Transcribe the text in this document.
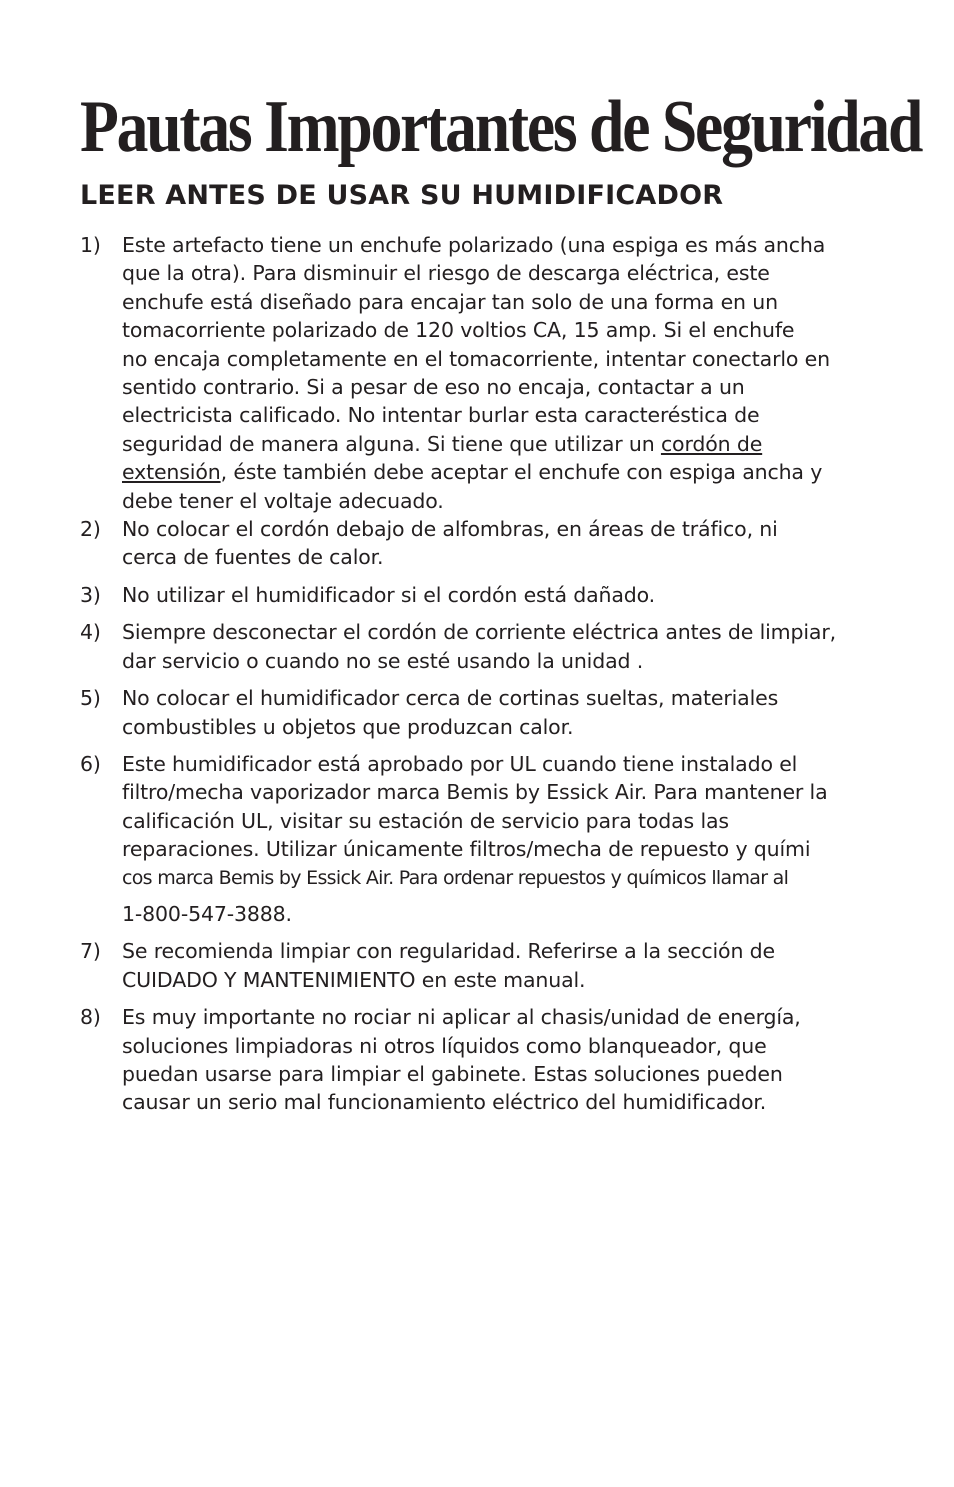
Pautas Importantes de Seguridad
LEER ANTES DE USAR SU HUMIDIFICADOR
1) Este artefacto tiene un enchufe polarizado (una espiga es más ancha
que la otra). Para disminuir el riesgo de descarga eléctrica, este
enchufe está diseñado para encajar tan solo de una forma en un
tomacorriente polarizado de 120 voltios CA, 15 amp. Si el enchufe
no encaja completamente en el tomacorriente, intentar conectarlo en
sentido contrario. Si a pesar de eso no encaja, contactar a un
electricista calificado. No intentar burlar esta caracteréstica de
seguridad de manera alguna. Si tiene que utilizar un cordón de
extensión, éste también debe aceptar el enchufe con espiga ancha y
debe tener el voltaje adecuado.
2) No colocar el cordón debajo de alfombras, en áreas de tráfico, ni
cerca de fuentes de calor.
3) No utilizar el humidificador si el cordón está dañado.
4) Siempre desconectar el cordón de corriente eléctrica antes de limpiar,
dar servicio o cuando no se esté usando la unidad .
5) No colocar el humidificador cerca de cortinas sueltas, materiales
combustibles u objetos que produzcan calor.
6) Este humidificador está aprobado por UL cuando tiene instalado el
filtro/mecha vaporizador marca Bemis by Essick Air. Para mantener la
calificación UL, visitar su estación de servicio para todas las
reparaciones. Utilizar únicamente filtros/mecha de repuesto y quími
cos marca Bemis by Essick Air. Para ordenar repuestos y químicos llamar al
1-800-547-3888.
7) Se recomienda limpiar con regularidad. Referirse a la sección de
CUIDADO Y MANTENIMIENTO en este manual.
8) Es muy importante no rociar ni aplicar al chasis/unidad de energía,
soluciones limpiadoras ni otros líquidos como blanqueador, que
puedan usarse para limpiar el gabinete. Estas soluciones pueden
causar un serio mal funcionamiento eléctrico del humidificador.
